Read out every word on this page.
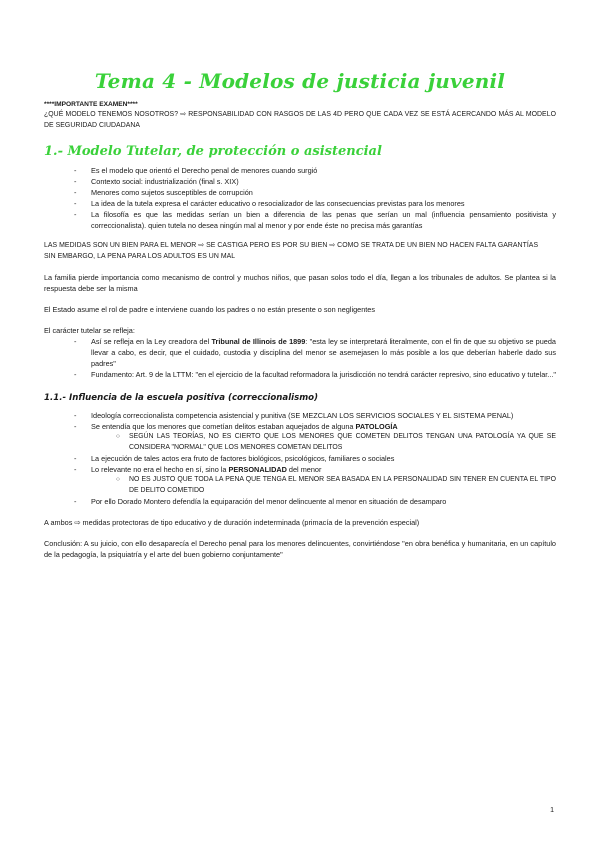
Tema 4 - Modelos de justicia juvenil

****IMPORTANTE EXAMEN****

¿QUÉ MODELO TENEMOS NOSOTROS? ⇨ RESPONSABILIDAD CON RASGOS DE LAS 4D PERO QUE CADA VEZ SE ESTÁ ACERCANDO MÁS AL MODELO DE SEGURIDAD CIUDADANA

1.- Modelo Tutelar, de protección o asistencial
- Es el modelo que orientó el Derecho penal de menores cuando surgió
- Contexto social: industrialización (final s. XIX)
- Menores como sujetos susceptibles de corrupción
- La idea de la tutela expresa el carácter educativo o resocializador de las consecuencias previstas para los menores
- La filosofía es que las medidas serían un bien a diferencia de las penas que serían un mal (influencia pensamiento positivista y correccionalista). quien tutela no desea ningún mal al menor y por ende éste no precisa más garantías

LAS MEDIDAS SON UN BIEN PARA EL MENOR ⇨ SE CASTIGA PERO ES POR SU BIEN ⇨ COMO SE TRATA DE UN BIEN NO HACEN FALTA GARANTÍAS

SIN EMBARGO, LA PENA PARA LOS ADULTOS ES UN MAL

La familia pierde importancia como mecanismo de control y muchos niños, que pasan solos todo el día, llegan a los tribunales de adultos. Se plantea si la respuesta debe ser la misma

El Estado asume el rol de padre e interviene cuando los padres o no están presente o son negligentes

El carácter tutelar se refleja:

- Así se refleja en la Ley creadora del Tribunal de Illinois de 1899: "esta ley se interpretará literalmente, con el fin de que su objetivo se pueda llevar a cabo, es decir, que el cuidado, custodia y disciplina del menor se asemejasen lo más posible a los que deberían haberle dado sus padres"
- Fundamento: Art. 9 de la LTTM: "en el ejercicio de la facultad reformadora la jurisdicción no tendrá carácter represivo, sino educativo y tutelar..."
1.1.- Influencia de la escuela positiva (correccionalismo)
- Ideología correccionalista competencia asistencial y punitiva (SE MEZCLAN LOS SERVICIOS SOCIALES Y EL SISTEMA PENAL)
- Se entendía que los menores que cometían delitos estaban aquejados de alguna PATOLOGÍA
○ SEGÚN LAS TEORÍAS, NO ES CIERTO QUE LOS MENORES QUE COMETEN DELITOS TENGAN UNA PATOLOGÍA YA QUE SE CONSIDERA "NORMAL" QUE LOS MENORES COMETAN DELITOS
- La ejecución de tales actos era fruto de factores biológicos, psicológicos, familiares o sociales
- Lo relevante no era el hecho en sí, sino la PERSONALIDAD del menor
○ NO ES JUSTO QUE TODA LA PENA QUE TENGA EL MENOR SEA BASADA EN LA PERSONALIDAD SIN TENER EN CUENTA EL TIPO DE DELITO COMETIDO
- Por ello Dorado Montero defendía la equiparación del menor delincuente al menor en situación de desamparo

A ambos ⇨ medidas protectoras de tipo educativo y de duración indeterminada (primacía de la prevención especial)

Conclusión: A su juicio, con ello desaparecía el Derecho penal para los menores delincuentes, convirtiéndose "en obra benéfica y humanitaria, en un capítulo de la pedagogía, la psiquiatría y el arte del buen gobierno conjuntamente"

1
